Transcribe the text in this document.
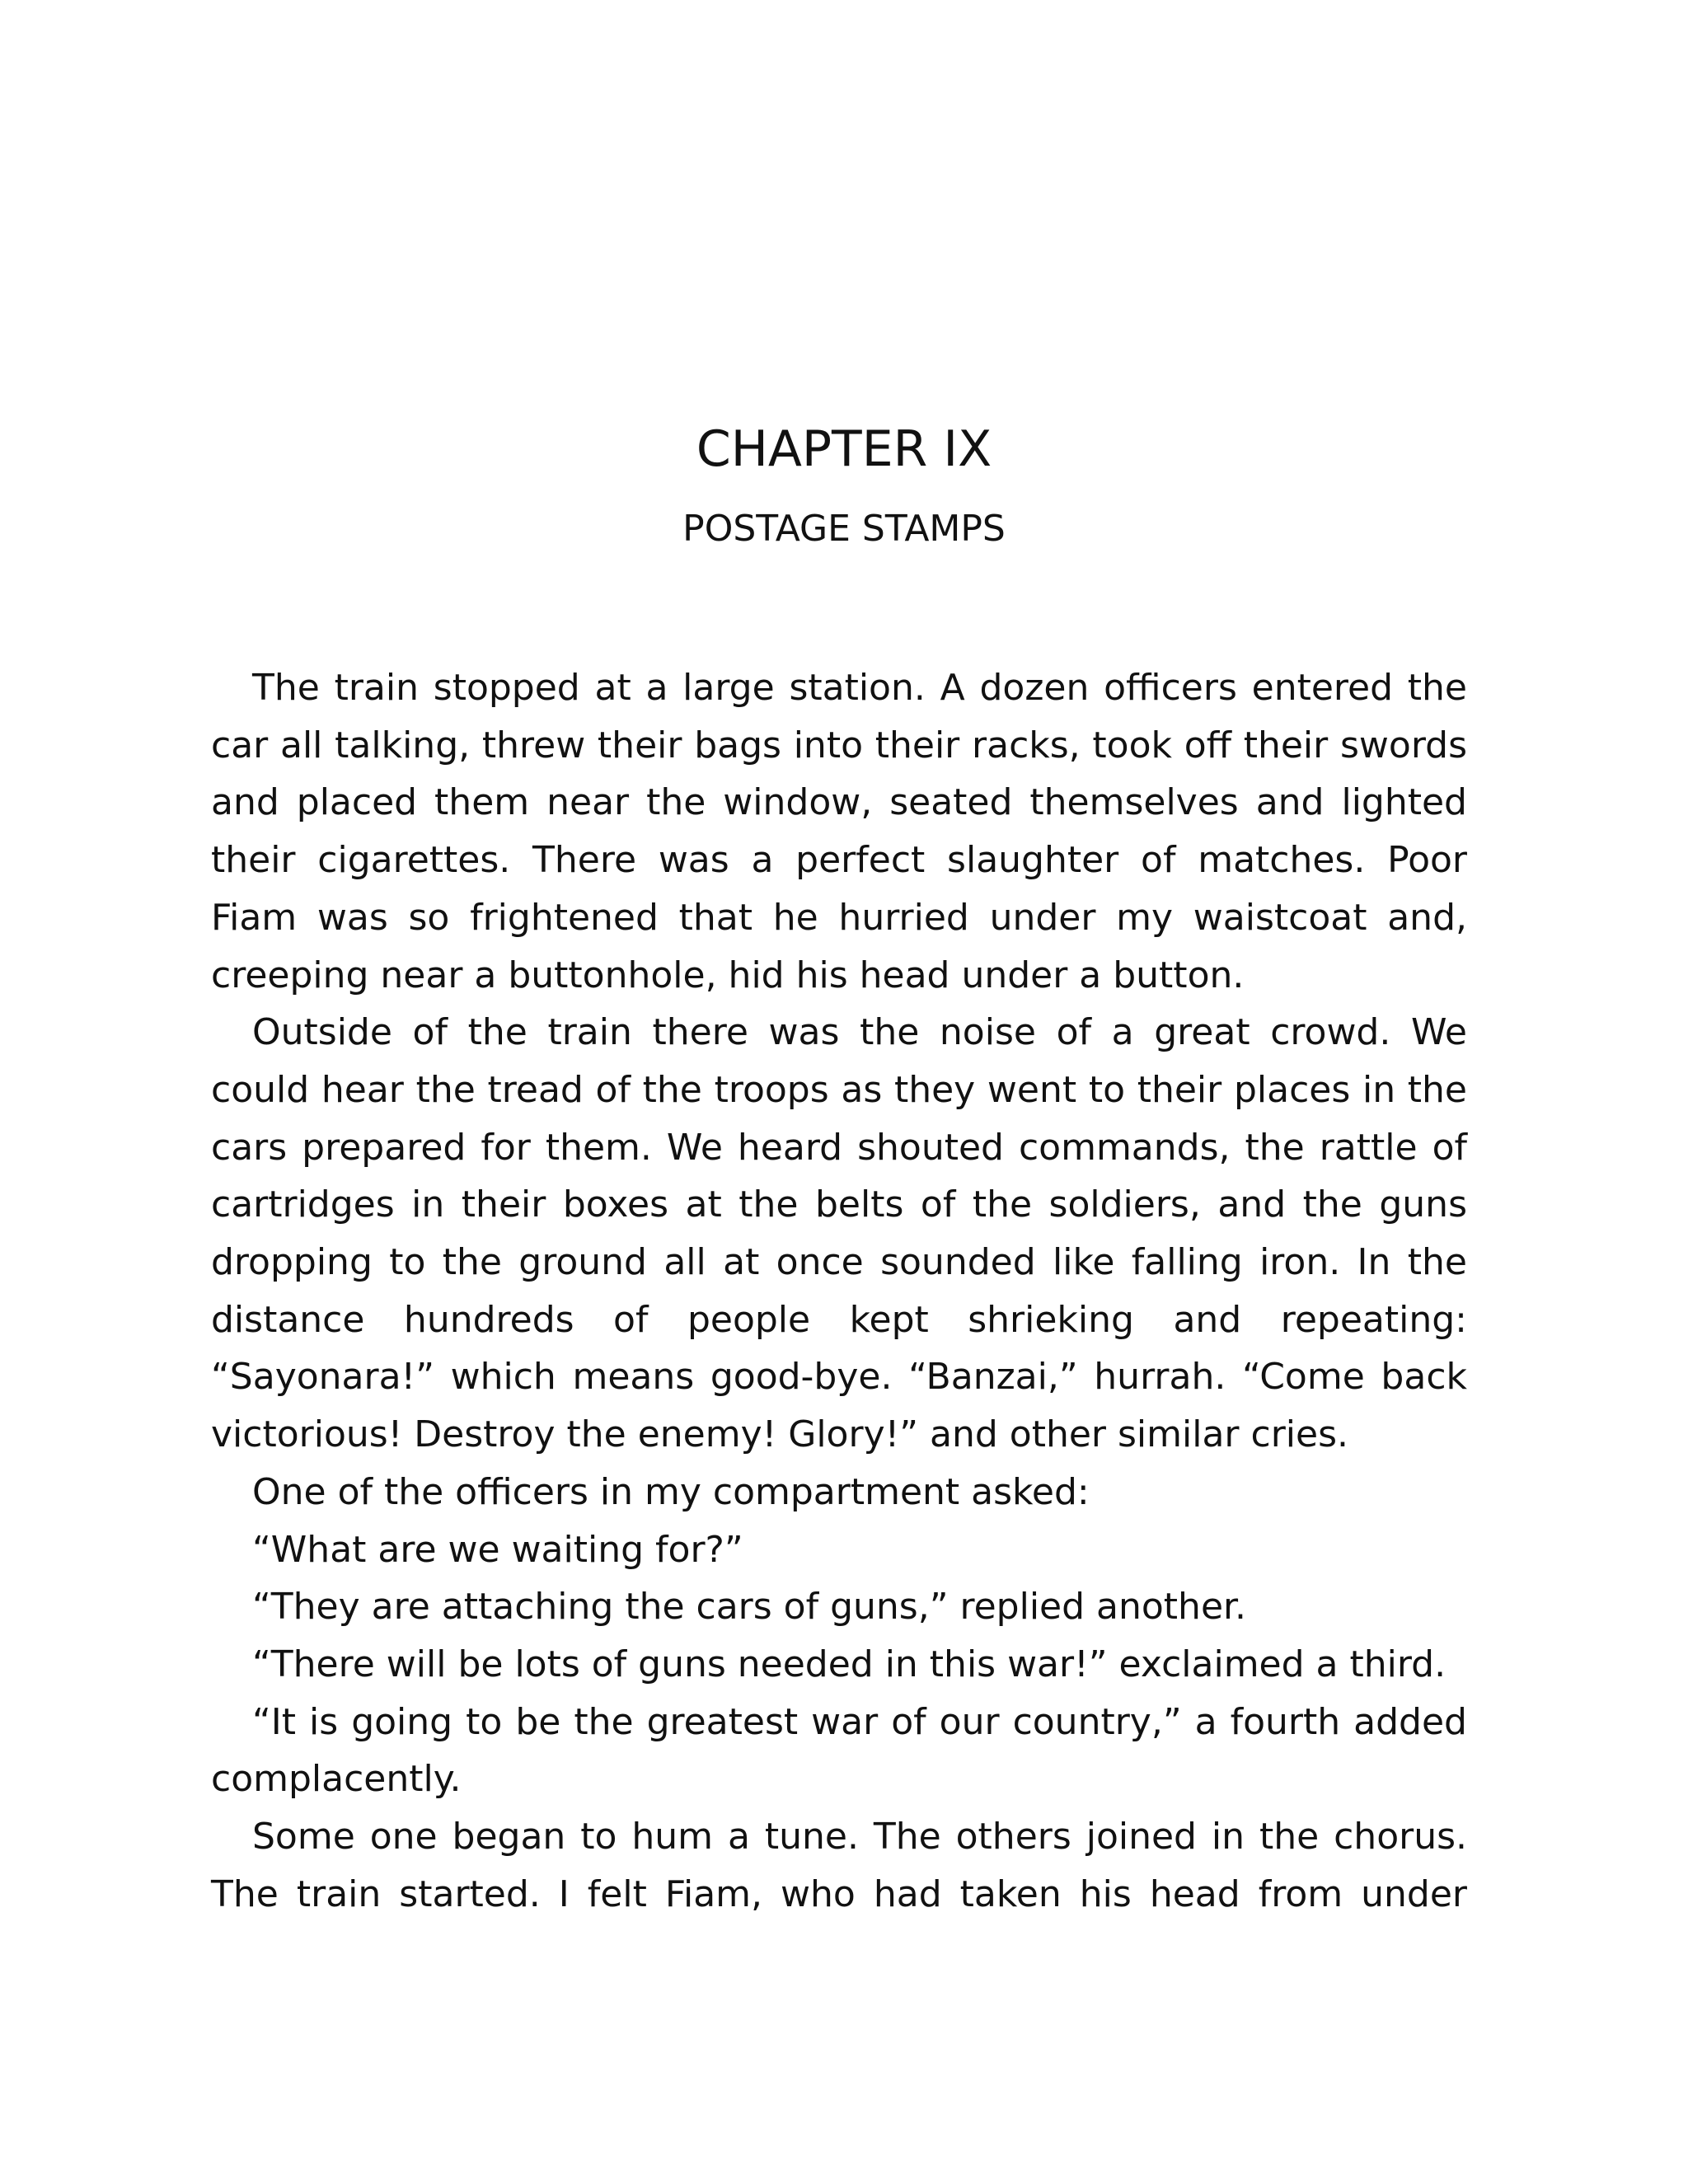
CHAPTER IX
POSTAGE STAMPS

The train stopped at a large station. A dozen officers entered the car all talking, threw their bags into their racks, took off their swords and placed them near the window, seated themselves and lighted their cigarettes. There was a perfect slaughter of matches. Poor Fiam was so frightened that he hurried under my waistcoat and, creeping near a buttonhole, hid his head under a button.

Outside of the train there was the noise of a great crowd. We could hear the tread of the troops as they went to their places in the cars prepared for them. We heard shouted commands, the rattle of cartridges in their boxes at the belts of the soldiers, and the guns dropping to the ground all at once sounded like falling iron. In the distance hundreds of people kept shrieking and repeating: “Sayonara!” which means good-bye. “Banzai,” hurrah. “Come back victorious! Destroy the enemy! Glory!” and other similar cries.

One of the officers in my compartment asked:

“What are we waiting for?”

“They are attaching the cars of guns,” replied another.

“There will be lots of guns needed in this war!” exclaimed a third.

“It is going to be the greatest war of our country,” a fourth added complacently.

Some one began to hum a tune. The others joined in the chorus. The train started. I felt Fiam, who had taken his head from under
